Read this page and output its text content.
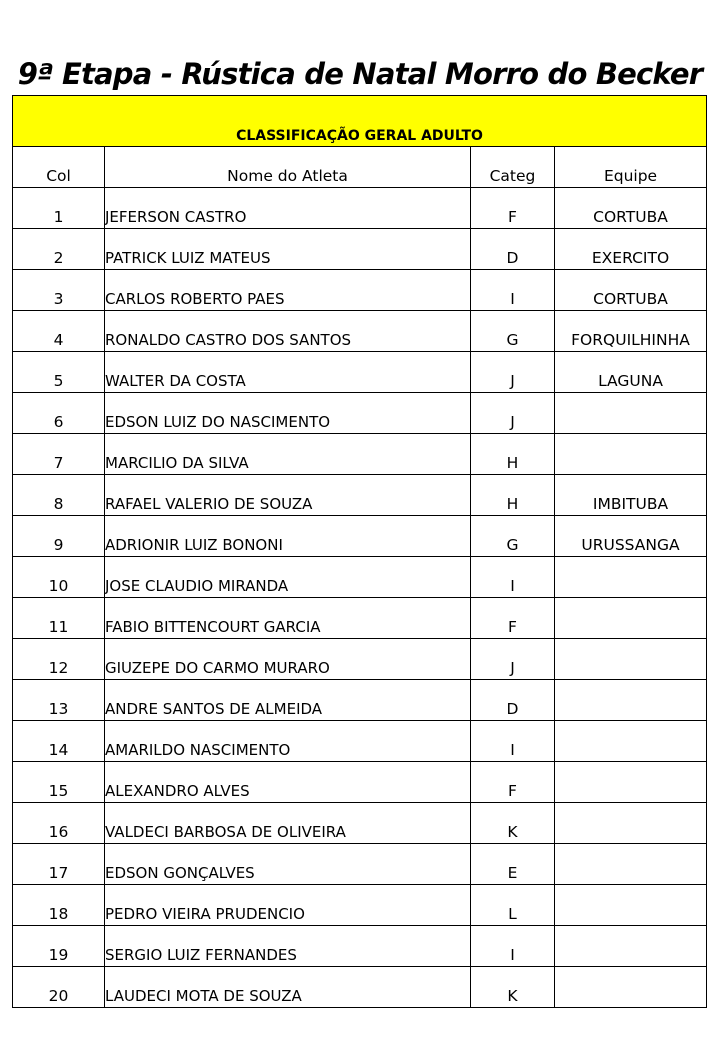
9ª Etapa - Rústica de Natal Morro do Becker
CLASSIFICAÇÃO GERAL ADULTO			
Col	Nome do Atleta	Categ	Equipe
1	JEFERSON CASTRO	F	CORTUBA
2	PATRICK LUIZ MATEUS	D	EXERCITO
3	CARLOS ROBERTO PAES	I	CORTUBA
4	RONALDO CASTRO DOS SANTOS	G	FORQUILHINHA
5	WALTER DA COSTA	J	LAGUNA
6	EDSON LUIZ DO NASCIMENTO	J	
7	MARCILIO DA SILVA	H	
8	RAFAEL VALERIO DE SOUZA	H	IMBITUBA
9	ADRIONIR LUIZ BONONI	G	URUSSANGA
10	JOSE CLAUDIO MIRANDA	I	
11	FABIO BITTENCOURT GARCIA	F	
12	GIUZEPE DO CARMO MURARO	J	
13	ANDRE SANTOS DE ALMEIDA	D	
14	AMARILDO NASCIMENTO	I	
15	ALEXANDRO ALVES	F	
16	VALDECI BARBOSA DE OLIVEIRA	K	
17	EDSON GONÇALVES	E	
18	PEDRO VIEIRA PRUDENCIO	L	
19	SERGIO LUIZ FERNANDES	I	
20	LAUDECI MOTA DE SOUZA	K	
